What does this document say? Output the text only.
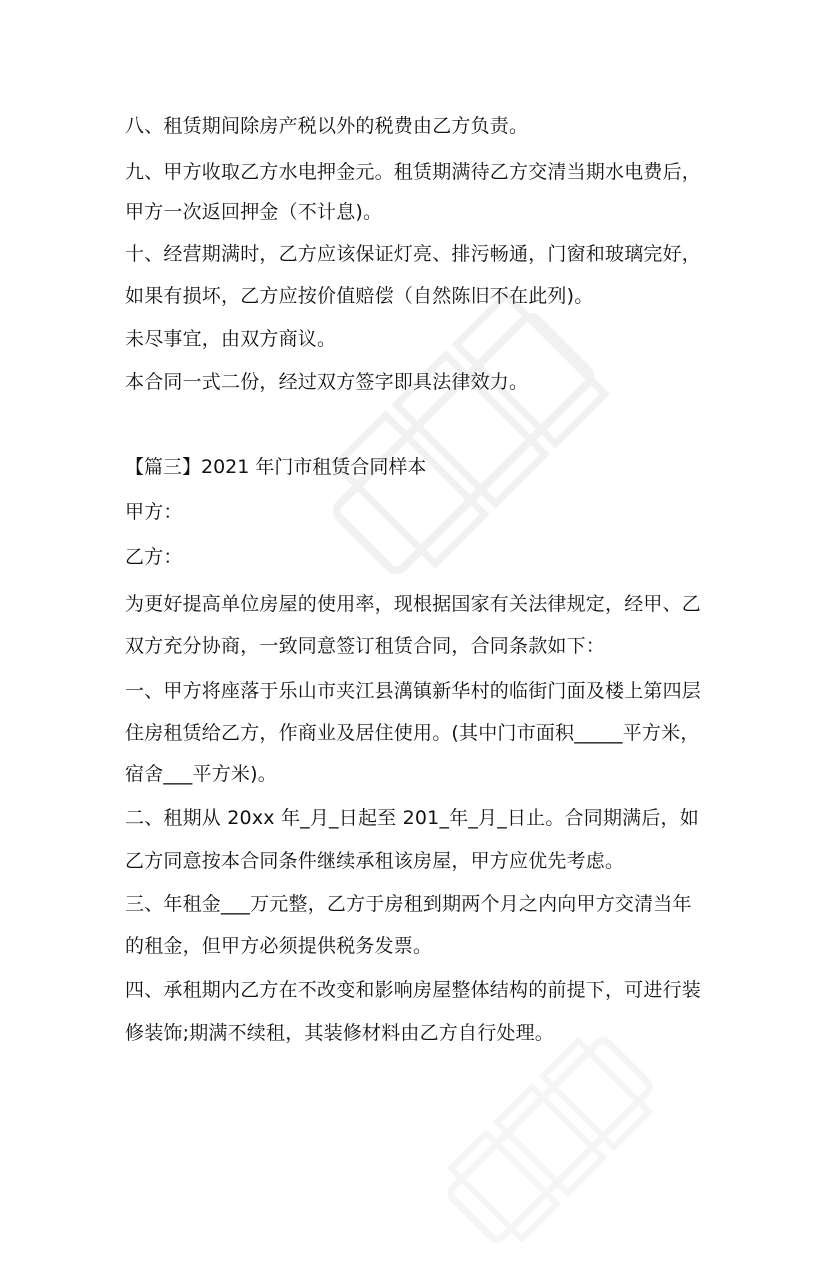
八、租赁期间除房产税以外的税费由乙方负责。
九、甲方收取乙方水电押金元。租赁期满待乙方交清当期水电费后，
甲方一次返回押金（不计息)。
十、经营期满时，乙方应该保证灯亮、排污畅通，门窗和玻璃完好，
如果有损坏，乙方应按价值赔偿（自然陈旧不在此列)。
未尽事宜，由双方商议。
本合同一式二份，经过双方签字即具法律效力。
【篇三】2021 年门市租赁合同样本
甲方：
乙方：
为更好提高单位房屋的使用率，现根据国家有关法律规定，经甲、乙
双方充分协商，一致同意签订租赁合同，合同条款如下：
一、甲方将座落于乐山市夹江县澫镇新华村的临街门面及楼上第四层
住房租赁给乙方，作商业及居住使用。(其中门市面积_____平方米，
宿舍___平方米)。
二、租期从 20xx 年_月_日起至 201_年_月_日止。合同期满后，如
乙方同意按本合同条件继续承租该房屋，甲方应优先考虑。
三、年租金___万元整，乙方于房租到期两个月之内向甲方交清当年
的租金，但甲方必须提供税务发票。
四、承租期内乙方在不改变和影响房屋整体结构的前提下，可进行装
修装饰;期满不续租，其装修材料由乙方自行处理。
